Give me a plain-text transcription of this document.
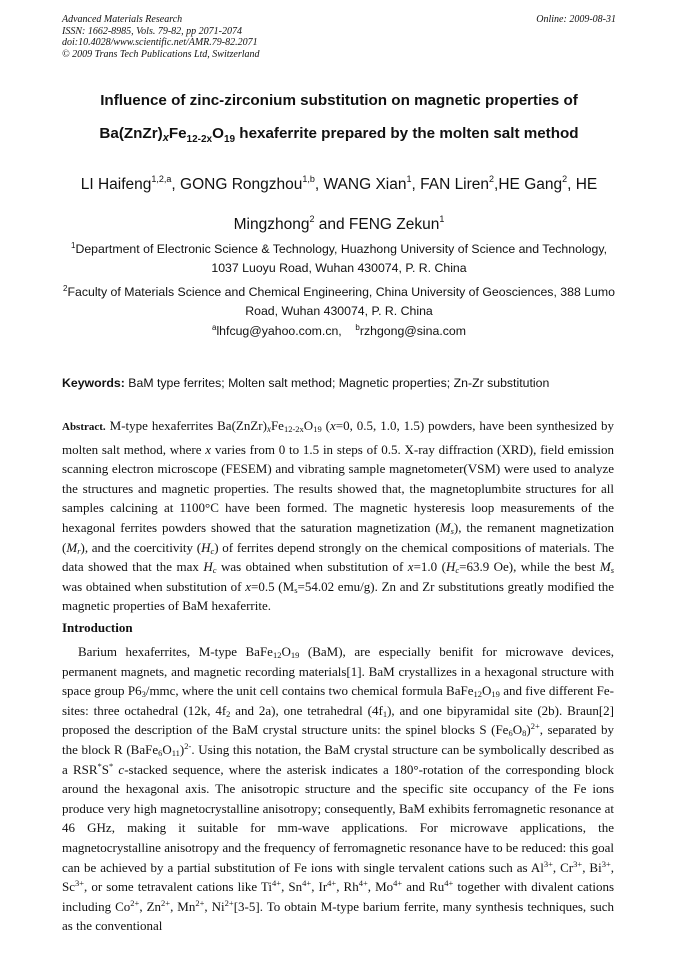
Advanced Materials Research
ISSN: 1662-8985, Vols. 79-82, pp 2071-2074
doi:10.4028/www.scientific.net/AMR.79-82.2071
© 2009 Trans Tech Publications Ltd, Switzerland
Online: 2009-08-31
Influence of zinc-zirconium substitution on magnetic properties of
$Ba(ZnZr)xFe_{12-2x}O_{19}$ hexaferrite prepared by the molten salt method
LI Haifeng$^{1,2,a}$, GONG Rongzhou$^{1,b}$, WANG Xian$^1$, FAN Liren$^2$,HE Gang$^2$, HE Mingzhong$^2$ and FENG Zekun$^1$
$^1$Department of Electronic Science & Technology, Huazhong University of Science and Technology, 1037 Luoyu Road, Wuhan 430074, P. R. China
$^2$Faculty of Materials Science and Chemical Engineering, China University of Geosciences, 388 Lumo Road, Wuhan 430074, P. R. China
$^a$lhfcug@yahoo.com.cn, $^b$rzhgong@sina.com
Keywords: BaM type ferrites; Molten salt method; Magnetic properties; Zn-Zr substitution
Abstract. M-type hexaferrites $Ba(ZnZr)xFe_{12-2x}O_{19}$ (x=0, 0.5, 1.0, 1.5) powders, have been synthesized by molten salt method, where x varies from 0 to 1.5 in steps of 0.5. X-ray diffraction (XRD), field emission scanning electron microscope (FESEM) and vibrating sample magnetometer(VSM) were used to analyze the structures and magnetic properties. The results showed that, the magnetoplumbite structures for all samples calcining at 1100°C have been formed. The magnetic hysteresis loop measurements of the hexagonal ferrites powders showed that the saturation magnetization $(M_s)$, the remanent magnetization $(M_r)$, and the coercitivity $(H_c)$ of ferrites depend strongly on the chemical compositions of materials. The data showed that the $\max H_c$ was obtained when substitution of x=1.0 ($H_c=63.9$ Oe), while the best $M_s$ was obtained when substitution of x=0.5 ($M_s=54.02$ emu/g). Zn and Zr substitutions greatly modified the magnetic properties of BaM hexaferrite.
Introduction
Barium hexaferrites, M-type $BaFe_{12}O_{19}$ (BaM), are especially benifit for microwave devices, permanent magnets, and magnetic recording materials[1]. BaM crystallizes in a hexagonal structure with space group $P6_3$/mmc, where the unit cell contains two chemical formula $BaFe_{12}O_{19}$ and five different Fe-sites: three octahedral (12k, $4f_2$ and 2a), one tetrahedral $(4f_1)$, and one bipyramidal site (2b). Braun[2] proposed the description of the BaM crystal structure units: the spinel blocks S $(Fe_6O_8)^{2+}$, separated by the block R $(BaFe_6O_{11})^{2-}$. Using this notation, the BaM crystal structure can be symbolically described as a RSR*S* c-stacked sequence, where the asterisk indicates a 180°-rotation of the corresponding block around the hexagonal axis. The anisotropic structure and the specific site occupancy of the Fe ions produce very high magnetocrystalline anisotropy; consequently, BaM exhibits ferromagnetic resonance at 46 GHz, making it suitable for mm-wave applications. For microwave applications, the magnetocrystalline anisotropy and the frequency of ferromagnetic resonance have to be reduced: this goal can be achieved by a partial substitution of Fe ions with single tervalent cations such as $Al^{3+}$, $Cr^{3+}$, $Bi^{3+}$, $Sc^{3+}$, or some tetravalent cations like $Ti^{4+}$, $Sn^{4+}$, $Ir^{4+}$, $Rh^{4+}$, $Mo^{4+}$ and $Ru^{4+}$ together with divalent cations including $Co^{2+}$, $Zn^{2+}$, $Mn^{2+}$, $Ni^{2+}[3-5]$. To obtain M-type barium ferrite, many synthesis techniques, such as the conventional
